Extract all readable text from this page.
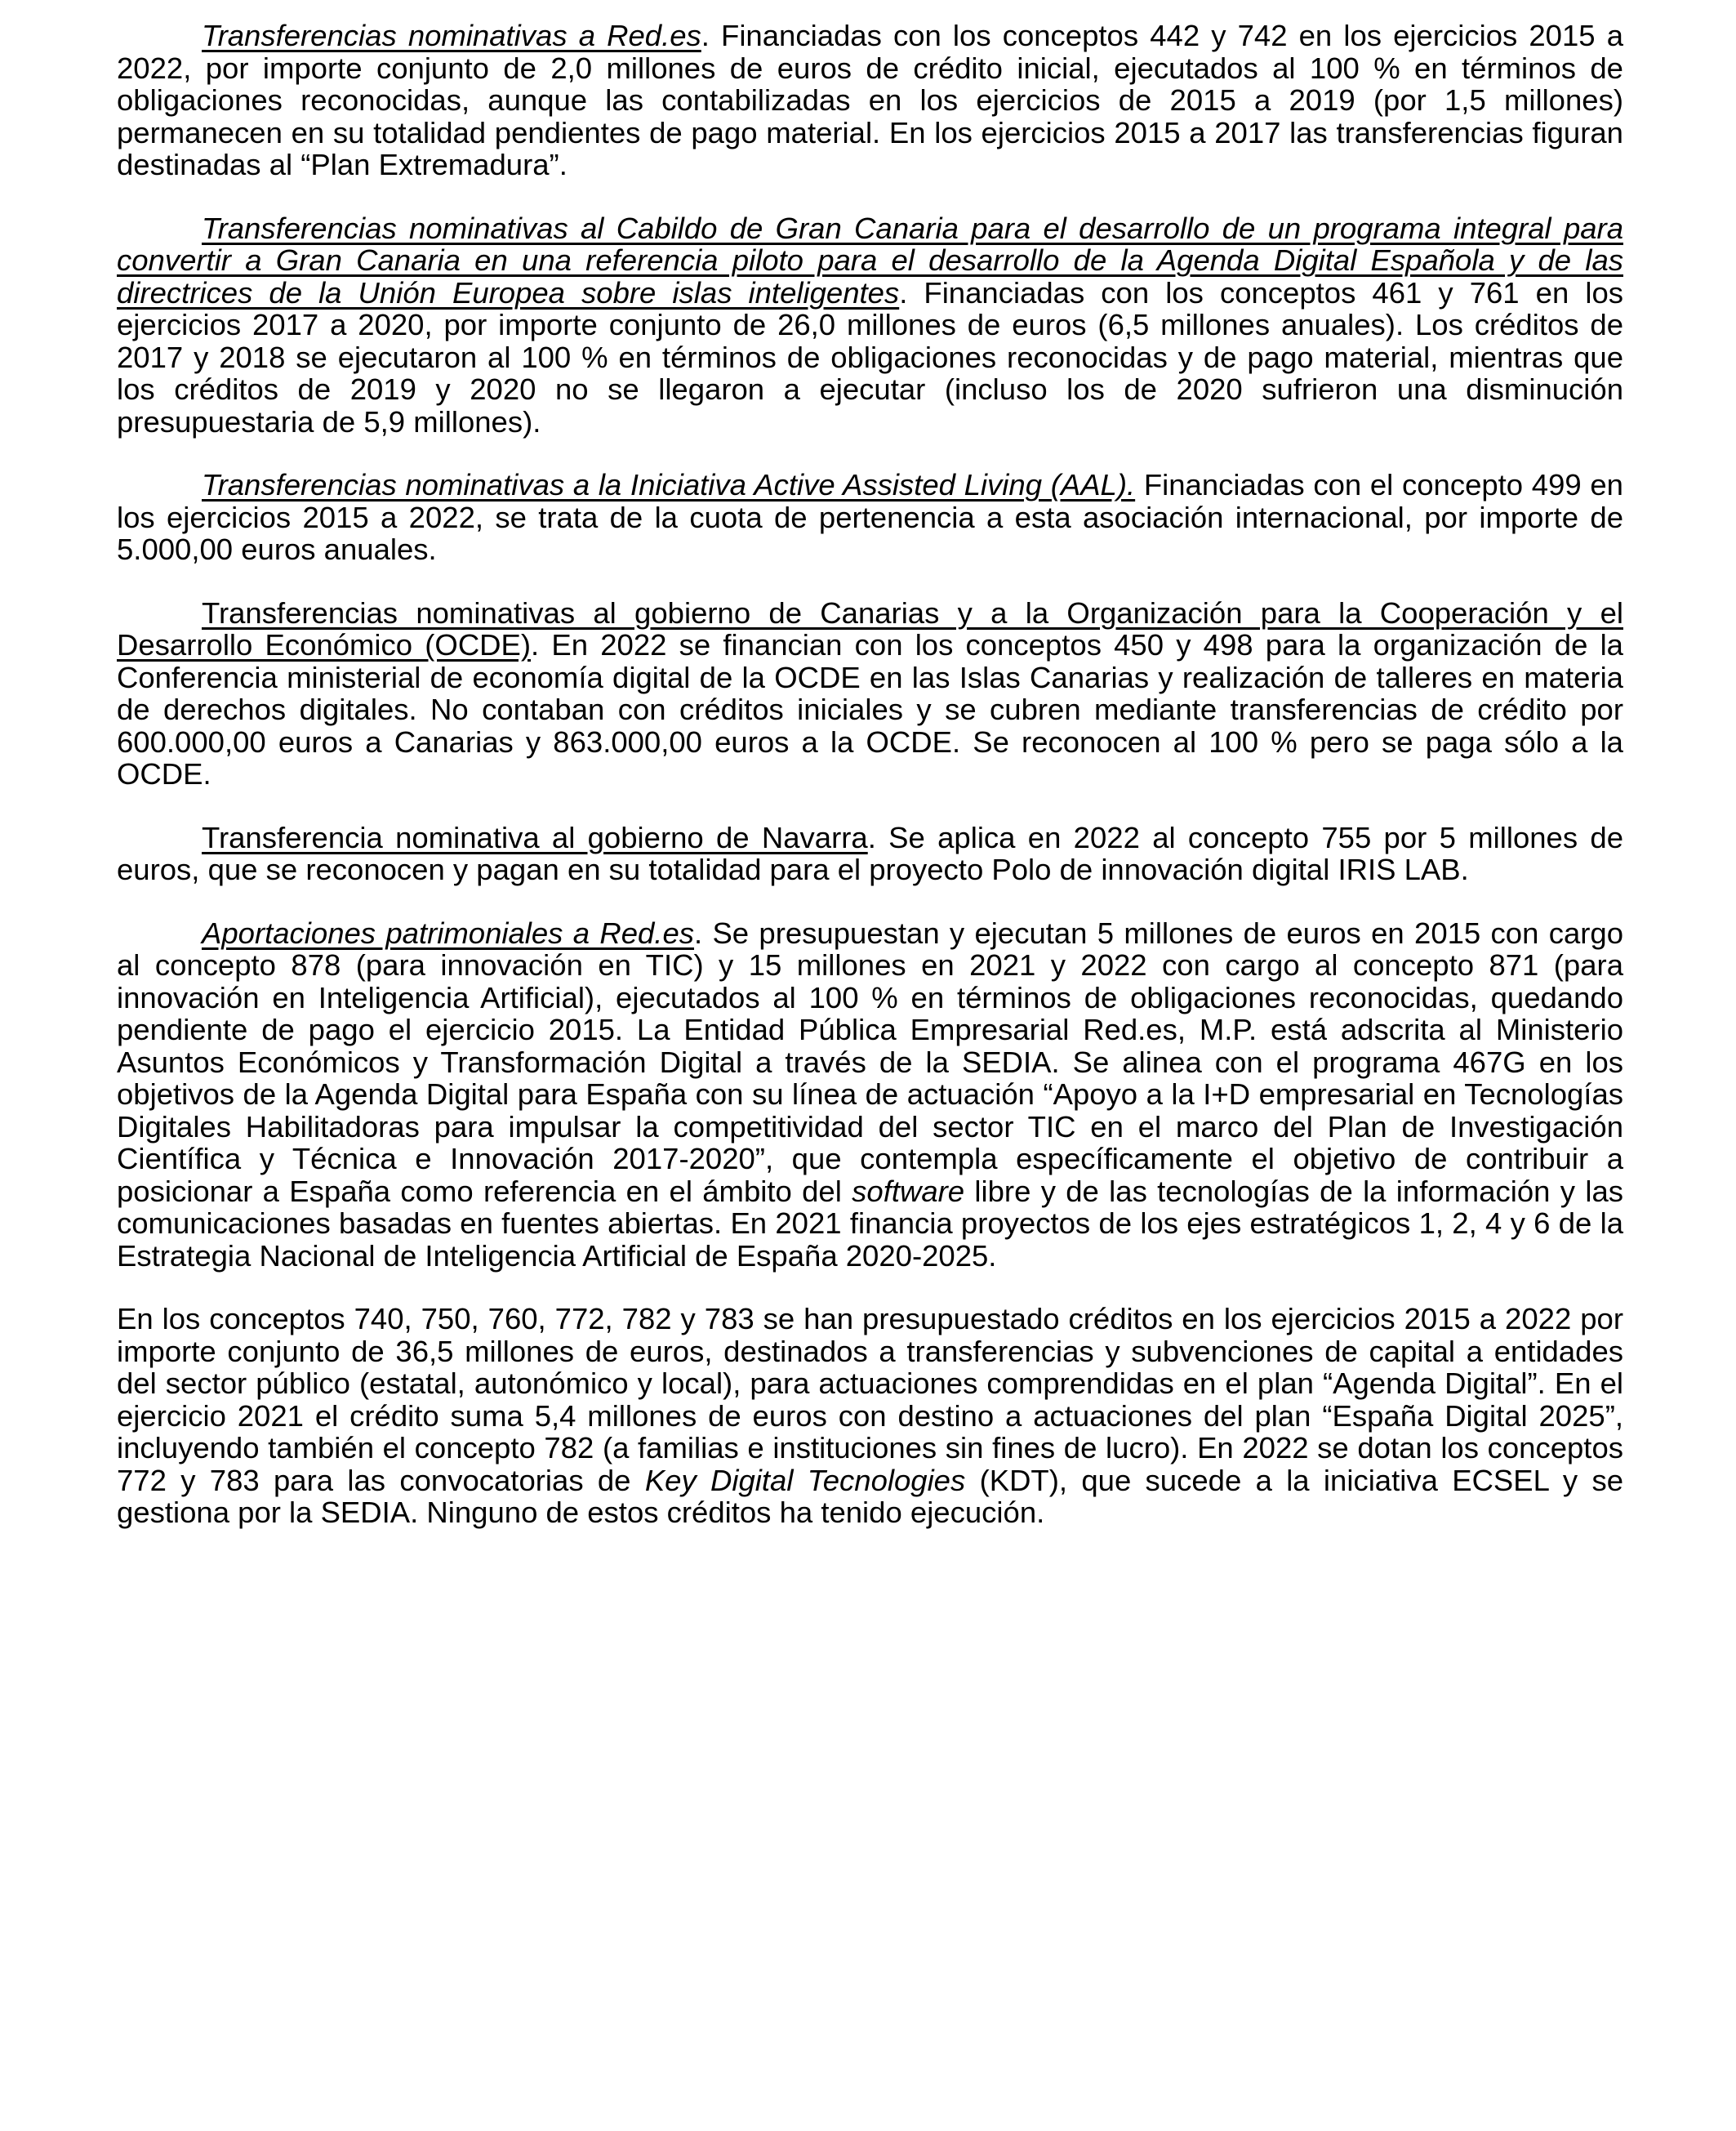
Transferencias nominativas a Red.es. Financiadas con los conceptos 442 y 742 en los ejercicios 2015 a 2022, por importe conjunto de 2,0 millones de euros de crédito inicial, ejecutados al 100 % en términos de obligaciones reconocidas, aunque las contabilizadas en los ejercicios de 2015 a 2019 (por 1,5 millones) permanecen en su totalidad pendientes de pago material. En los ejercicios 2015 a 2017 las transferencias figuran destinadas al “Plan Extremadura”.

Transferencias nominativas al Cabildo de Gran Canaria para el desarrollo de un programa integral para convertir a Gran Canaria en una referencia piloto para el desarrollo de la Agenda Digital Española y de las directrices de la Unión Europea sobre islas inteligentes. Financiadas con los conceptos 461 y 761 en los ejercicios 2017 a 2020, por importe conjunto de 26,0 millones de euros (6,5 millones anuales). Los créditos de 2017 y 2018 se ejecutaron al 100 % en términos de obligaciones reconocidas y de pago material, mientras que los créditos de 2019 y 2020 no se llegaron a ejecutar (incluso los de 2020 sufrieron una disminución presupuestaria de 5,9 millones).

Transferencias nominativas a la Iniciativa Active Assisted Living (AAL). Financiadas con el concepto 499 en los ejercicios 2015 a 2022, se trata de la cuota de pertenencia a esta asociación internacional, por importe de 5.000,00 euros anuales.

Transferencias nominativas al gobierno de Canarias y a la Organización para la Cooperación y el Desarrollo Económico (OCDE). En 2022 se financian con los conceptos 450 y 498 para la organización de la Conferencia ministerial de economía digital de la OCDE en las Islas Canarias y realización de talleres en materia de derechos digitales. No contaban con créditos iniciales y se cubren mediante transferencias de crédito por 600.000,00 euros a Canarias y 863.000,00 euros a la OCDE. Se reconocen al 100 % pero se paga sólo a la OCDE.

Transferencia nominativa al gobierno de Navarra. Se aplica en 2022 al concepto 755 por 5 millones de euros, que se reconocen y pagan en su totalidad para el proyecto Polo de innovación digital IRIS LAB.

Aportaciones patrimoniales a Red.es. Se presupuestan y ejecutan 5 millones de euros en 2015 con cargo al concepto 878 (para innovación en TIC) y 15 millones en 2021 y 2022 con cargo al concepto 871 (para innovación en Inteligencia Artificial), ejecutados al 100 % en términos de obligaciones reconocidas, quedando pendiente de pago el ejercicio 2015. La Entidad Pública Empresarial Red.es, M.P. está adscrita al Ministerio Asuntos Económicos y Transformación Digital a través de la SEDIA. Se alinea con el programa 467G en los objetivos de la Agenda Digital para España con su línea de actuación “Apoyo a la I+D empresarial en Tecnologías Digitales Habilitadoras para impulsar la competitividad del sector TIC en el marco del Plan de Investigación Científica y Técnica e Innovación 2017-2020”, que contempla específicamente el objetivo de contribuir a posicionar a España como referencia en el ámbito del software libre y de las tecnologías de la información y las comunicaciones basadas en fuentes abiertas. En 2021 financia proyectos de los ejes estratégicos 1, 2, 4 y 6 de la Estrategia Nacional de Inteligencia Artificial de España 2020-2025.

En los conceptos 740, 750, 760, 772, 782 y 783 se han presupuestado créditos en los ejercicios 2015 a 2022 por importe conjunto de 36,5 millones de euros, destinados a transferencias y subvenciones de capital a entidades del sector público (estatal, autonómico y local), para actuaciones comprendidas en el plan “Agenda Digital”. En el ejercicio 2021 el crédito suma 5,4 millones de euros con destino a actuaciones del plan “España Digital 2025”, incluyendo también el concepto 782 (a familias e instituciones sin fines de lucro). En 2022 se dotan los conceptos 772 y 783 para las convocatorias de Key Digital Tecnologies (KDT), que sucede a la iniciativa ECSEL y se gestiona por la SEDIA. Ninguno de estos créditos ha tenido ejecución.
